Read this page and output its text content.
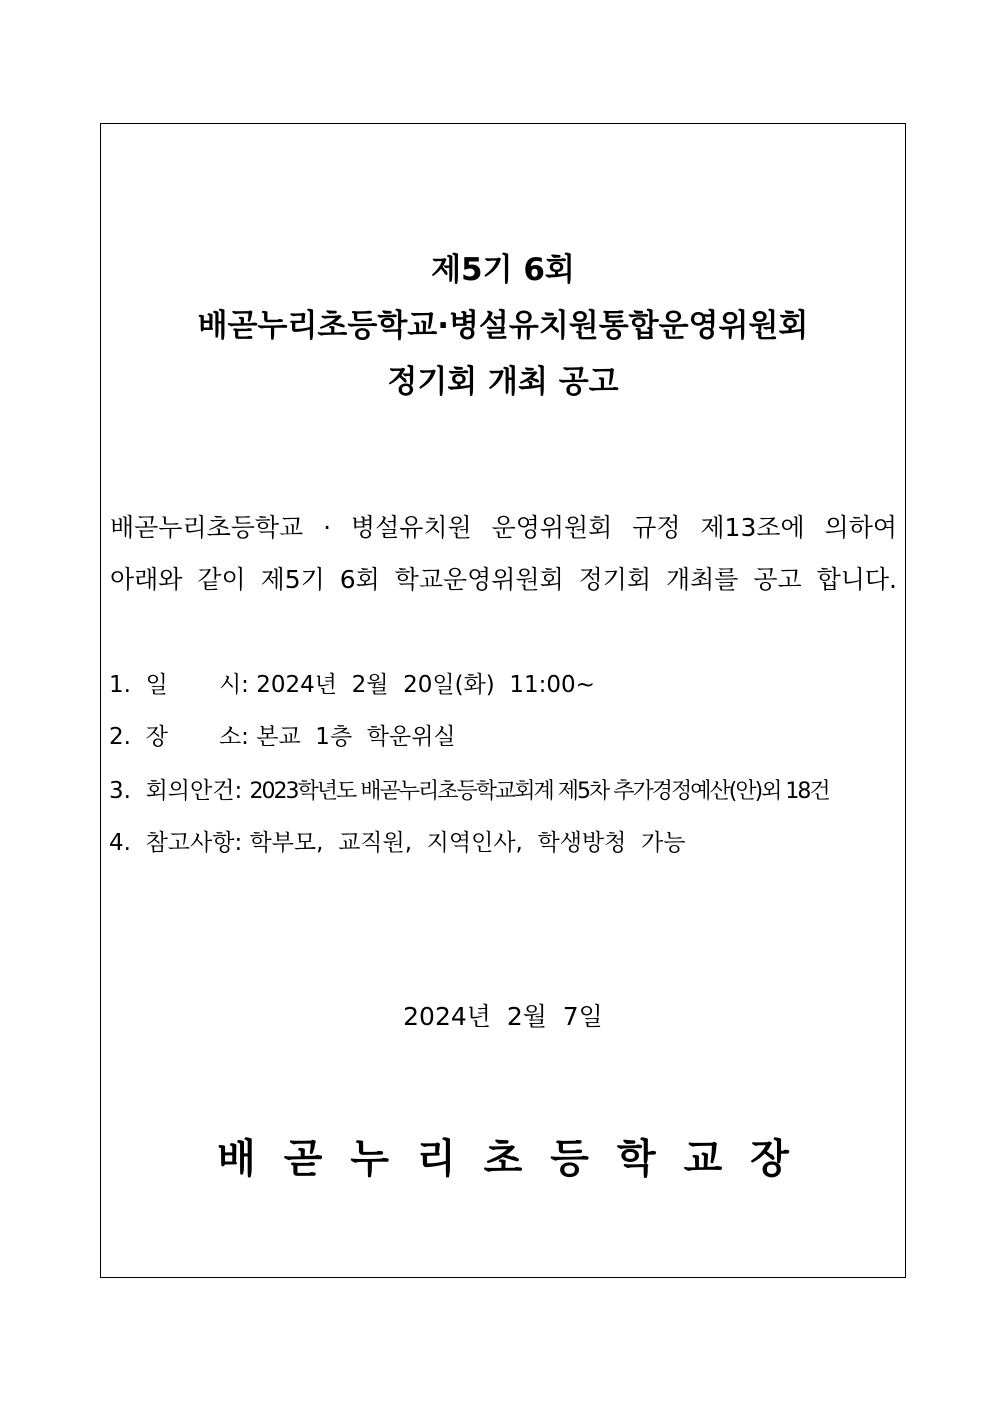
제5기 6회
배곧누리초등학교·병설유치원통합운영위원회
정기회 개최 공고
배곧누리초등학교 · 병설유치원 운영위원회 규정 제13조에 의하여
아래와 같이 제5기 6회 학교운영위원회 정기회 개최를 공고 합니다.
1.  일       시: 2024년  2월  20일(화)  11:00~
2.  장       소: 본교  1층  학운위실
3.  회의안건: 2023학년도 배곧누리초등학교회계 제5차 추가경정예산(안)외 18건
4.  참고사항: 학부모,  교직원,  지역인사,  학생방청  가능
2024년  2월  7일
배곧누리초등학교장
